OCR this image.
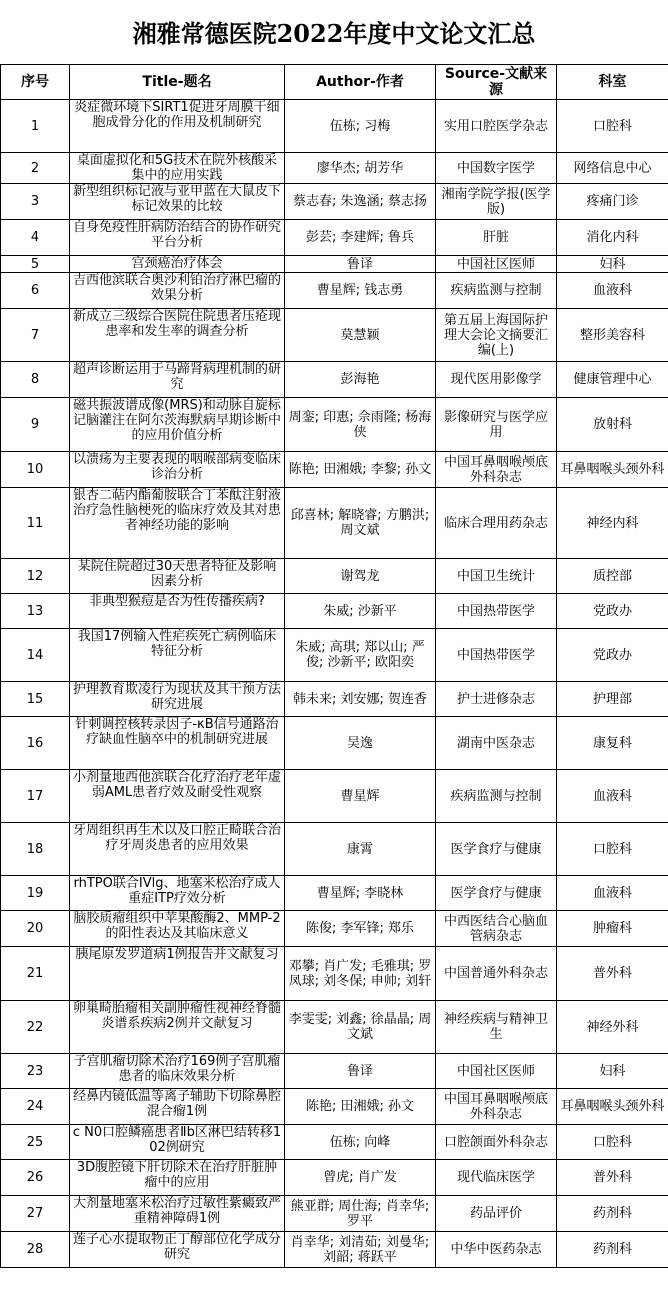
湘雅常德医院2022年度中文论文汇总
序号	Title-题名	Author-作者	Source-文献来源	科室
1	炎症微环境下SIRT1促进牙周膜干细胞成骨分化的作用及机制研究	伍栋; 习梅	实用口腔医学杂志	口腔科
2	桌面虚拟化和5G技术在院外核酸采集中的应用实践	廖华杰; 胡芳华	中国数字医学	网络信息中心
3	新型组织标记液与亚甲蓝在大鼠皮下标记效果的比较	蔡志春; 朱逸涵; 蔡志扬	湘南学院学报(医学版)	疼痛门诊
4	自身免疫性肝病防治结合的协作研究平台分析	彭芸; 李建辉; 鲁兵	肝脏	消化内科
5	宫颈癌治疗体会	鲁译	中国社区医师	妇科
6	吉西他滨联合奥沙利铂治疗淋巴瘤的效果分析	曹星辉; 钱志勇	疾病监测与控制	血液科
7	新成立三级综合医院住院患者压疮现患率和发生率的调查分析	莫慧颖	第五届上海国际护理大会论文摘要汇编(上)	整形美容科
8	超声诊断运用于马蹄肾病理机制的研究	彭海艳	现代医用影像学	健康管理中心
9	磁共振波谱成像(MRS)和动脉自旋标记脑灌注在阿尔茨海默病早期诊断中的应用价值分析	周銮; 印惠; 佘雨隆; 杨海侠	影像研究与医学应用	放射科
10	以溃疡为主要表现的咽喉部病变临床诊治分析	陈艳; 田湘娥; 李黎; 孙文	中国耳鼻咽喉颅底外科杂志	耳鼻咽喉头颈外科
11	银杏二萜内酯葡胺联合丁苯酞注射液治疗急性脑梗死的临床疗效及其对患者神经功能的影响	邱喜林; 解晓睿; 方鹏洪; 周文斌	临床合理用药杂志	神经内科
12	某院住院超过30天患者特征及影响因素分析	谢驾龙	中国卫生统计	质控部
13	非典型猴痘是否为性传播疾病?	朱威; 沙新平	中国热带医学	党政办
14	我国17例输入性疟疾死亡病例临床特征分析	朱威; 高琪; 郑以山; 严俊; 沙新平; 欧阳奕	中国热带医学	党政办
15	护理教育欺凌行为现状及其干预方法研究进展	韩未来; 刘安娜; 贺连香	护士进修杂志	护理部
16	针刺调控核转录因子-κB信号通路治疗缺血性脑卒中的机制研究进展	吴逸	湖南中医杂志	康复科
17	小剂量地西他滨联合化疗治疗老年虚弱AML患者疗效及耐受性观察	曹星辉	疾病监测与控制	血液科
18	牙周组织再生术以及口腔正畸联合治疗牙周炎患者的应用效果	康霄	医学食疗与健康	口腔科
19	rhTPO联合IVlg、地塞米松治疗成人重症ITP疗效分析	曹星辉; 李晓林	医学食疗与健康	血液科
20	脑胶质瘤组织中苹果酸酶2、MMP-2的阳性表达及其临床意义	陈俊; 李军锋; 郑乐	中西医结合心脑血管病杂志	肿瘤科
21	胰尾原发罗道病1例报告并文献复习	邓攀; 肖广发; 毛雅琪; 罗凤球; 刘冬保; 申帅; 刘轩	中国普通外科杂志	普外科
22	卵巢畸胎瘤相关副肿瘤性视神经脊髓炎谱系疾病2例并文献复习	李雯雯; 刘鑫; 徐晶晶; 周文斌	神经疾病与精神卫生	神经外科
23	子宫肌瘤切除术治疗169例子宫肌瘤患者的临床效果分析	鲁译	中国社区医师	妇科
24	经鼻内镜低温等离子辅助下切除鼻腔混合瘤1例	陈艳; 田湘娥; 孙文	中国耳鼻咽喉颅底外科杂志	耳鼻咽喉头颈外科
25	c N0口腔鳞癌患者Ⅱb区淋巴结转移102例研究	伍栋; 向峰	口腔颌面外科杂志	口腔科
26	3D腹腔镜下肝切除术在治疗肝脏肿瘤中的应用	曾虎; 肖广发	现代临床医学	普外科
27	大剂量地塞米松治疗过敏性紫癜致严重精神障碍1例	熊亚群; 周仕海; 肖幸华; 罗平	药品评价	药剂科
28	莲子心水提取物正丁醇部位化学成分研究	肖幸华; 刘清茹; 刘曼华; 刘韶; 蒋跃平	中华中医药杂志	药剂科
